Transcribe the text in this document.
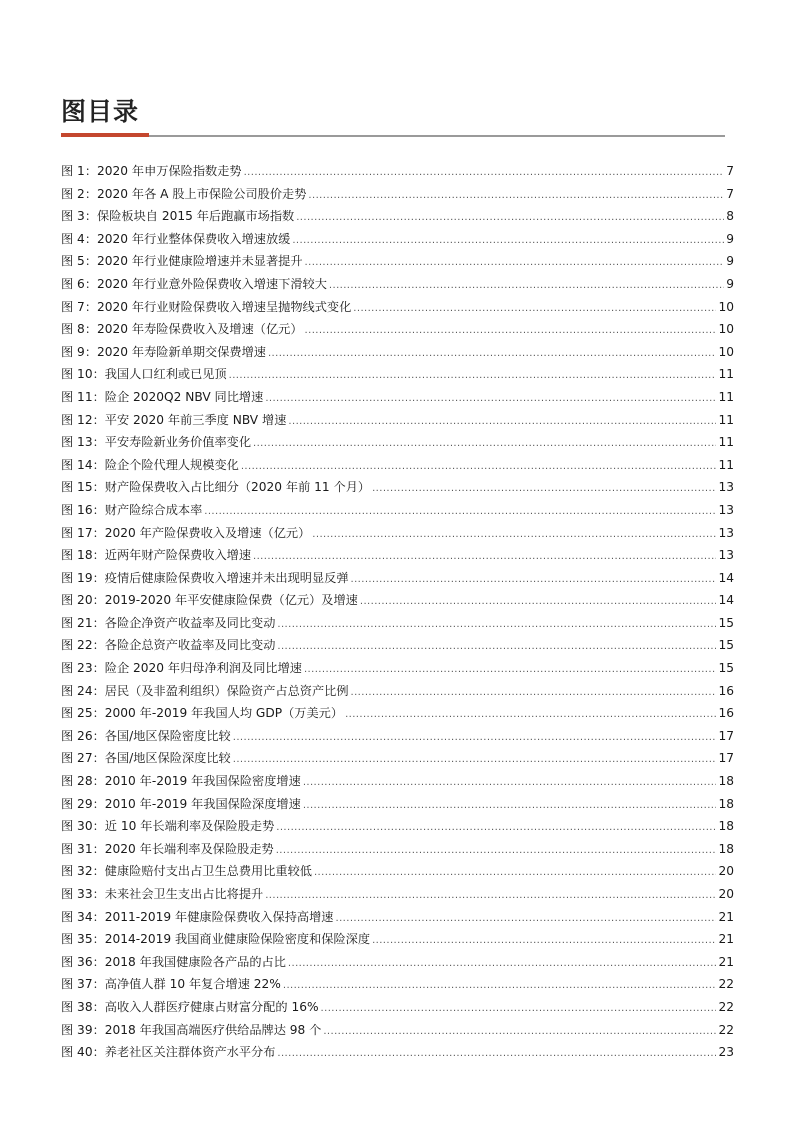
图目录
图 1：2020 年申万保险指数走势 .....	7
图 2：2020 年各 A 股上市保险公司股价走势 .....	7
图 3：保险板块自 2015 年后跑赢市场指数 .....	8
图 4：2020 年行业整体保费收入增速放缓 .....	9
图 5：2020 年行业健康险增速并未显著提升 .....	9
图 6：2020 年行业意外险保费收入增速下滑较大 .....	9
图 7：2020 年行业财险保费收入增速呈抛物线式变化 .....	10
图 8：2020 年寿险保费收入及增速（亿元） .....	10
图 9：2020 年寿险新单期交保费增速 .....	10
图 10：我国人口红利或已见顶 .....	11
图 11：险企 2020Q2 NBV 同比增速 .....	11
图 12：平安 2020 年前三季度 NBV 增速 .....	11
图 13：平安寿险新业务价值率变化 .....	11
图 14：险企个险代理人规模变化 .....	11
图 15：财产险保费收入占比细分（2020 年前 11 个月） .....	13
图 16：财产险综合成本率 .....	13
图 17：2020 年产险保费收入及增速（亿元） .....	13
图 18：近两年财产险保费收入增速 .....	13
图 19：疫情后健康险保费收入增速并未出现明显反弹 .....	14
图 20：2019-2020 年平安健康险保费（亿元）及增速 .....	14
图 21：各险企净资产收益率及同比变动 .....	15
图 22：各险企总资产收益率及同比变动 .....	15
图 23：险企 2020 年归母净利润及同比增速 .....	15
图 24：居民（及非盈利组织）保险资产占总资产比例 .....	16
图 25：2000 年-2019 年我国人均 GDP（万美元） .....	16
图 26：各国/地区保险密度比较 .....	17
图 27：各国/地区保险深度比较 .....	17
图 28：2010 年-2019 年我国保险密度增速 .....	18
图 29：2010 年-2019 年我国保险深度增速 .....	18
图 30：近 10 年长端利率及保险股走势 .....	18
图 31：2020 年长端利率及保险股走势 .....	18
图 32：健康险赔付支出占卫生总费用比重较低 .....	20
图 33：未来社会卫生支出占比将提升 .....	20
图 34：2011-2019 年健康险保费收入保持高增速 .....	21
图 35：2014-2019 我国商业健康险保险密度和保险深度 .....	21
图 36：2018 年我国健康险各产品的占比 .....	21
图 37：高净值人群 10 年复合增速 22% .....	22
图 38：高收入人群医疗健康占财富分配的 16% .....	22
图 39：2018 年我国高端医疗供给品牌达 98 个 .....	22
图 40：养老社区关注群体资产水平分布 .....	23
